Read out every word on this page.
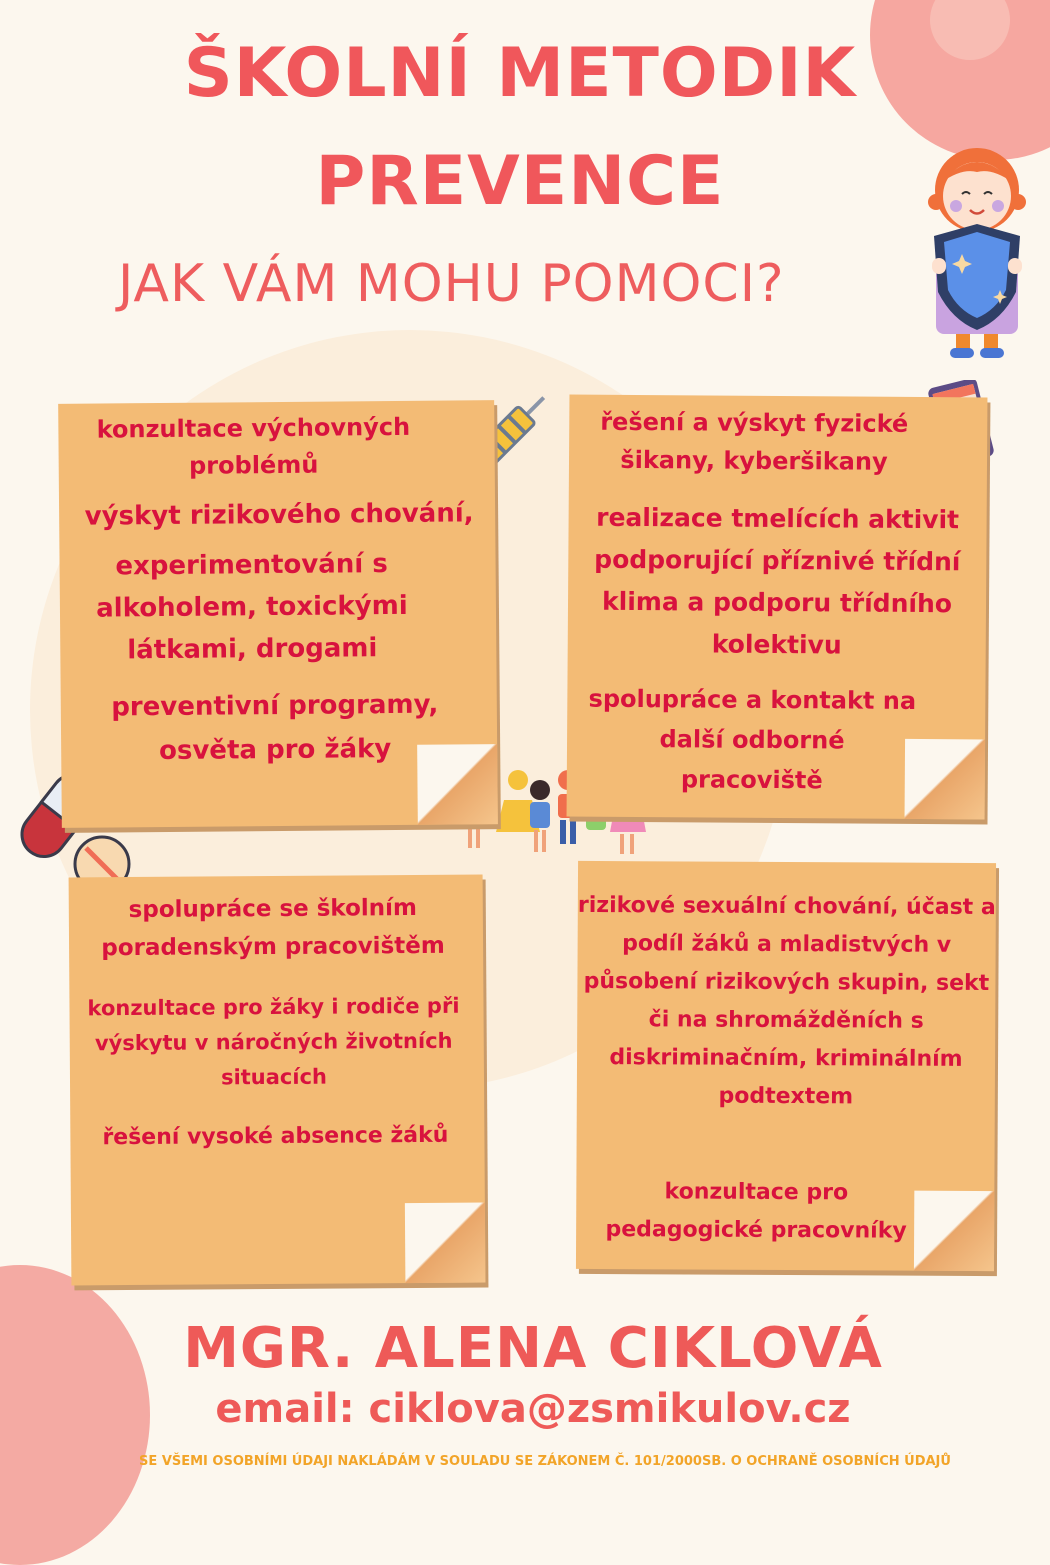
ŠKOLNÍ METODIK
PREVENCE
JAK VÁM MOHU POMOCI?

konzultace výchovných problémů

výskyt rizikového chování,

experimentování s alkoholem, toxickými látkami, drogami

preventivní programy, osvěta pro žáky

řešení a výskyt fyzické šikany, kyberšikany

realizace tmelících aktivit podporující příznivé třídní klima a podporu třídního kolektivu

spolupráce a kontakt na další odborné pracoviště

spolupráce se školním poradenským pracovištěm

konzultace pro žáky i rodiče při výskytu v náročných životních situacích

řešení vysoké absence žáků

rizikové sexuální chování, účast a podíl žáků a mladistvých v působení rizikových skupin, sekt či na shromážděních s diskriminačním, kriminálním podtextem

konzultace pro pedagogické pracovníky

MGR. ALENA CIKLOVÁ

email: ciklova@zsmikulov.cz

SE VŠEMI OSOBNÍMI ÚDAJI NAKLÁDÁM V SOULADU SE ZÁKONEM Č. 101/2000SB. O OCHRANĚ OSOBNÍCH ÚDAJŮ
